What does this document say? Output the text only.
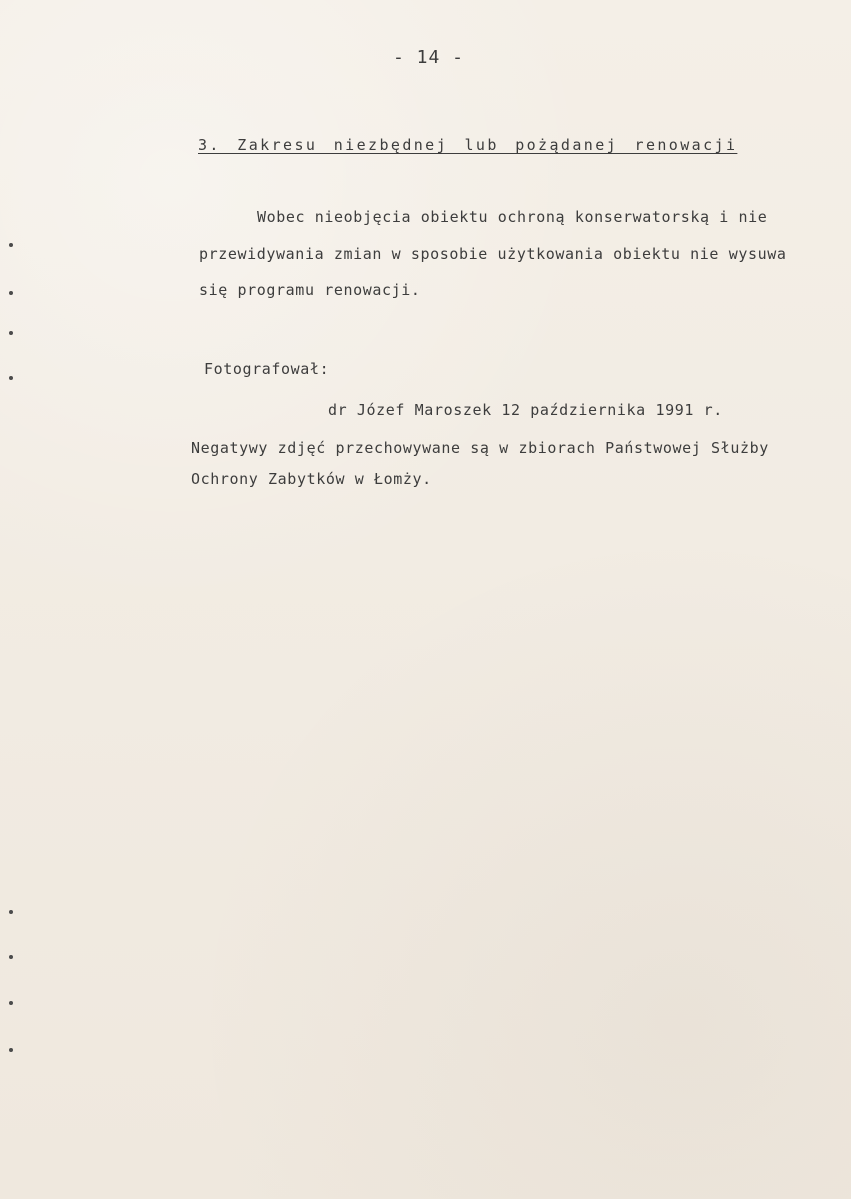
- 14 -

3. Zakresu niezbędnej lub pożądanej renowacji

Wobec nieobjęcia obiektu ochroną konserwatorską i nie
przewidywania zmian w sposobie użytkowania obiektu nie wysuwa
się programu renowacji.

Fotografował:

dr Józef Maroszek 12 października 1991 r.

Negatywy zdjęć przechowywane są w zbiorach Państwowej Służby
Ochrony Zabytków w Łomży.
